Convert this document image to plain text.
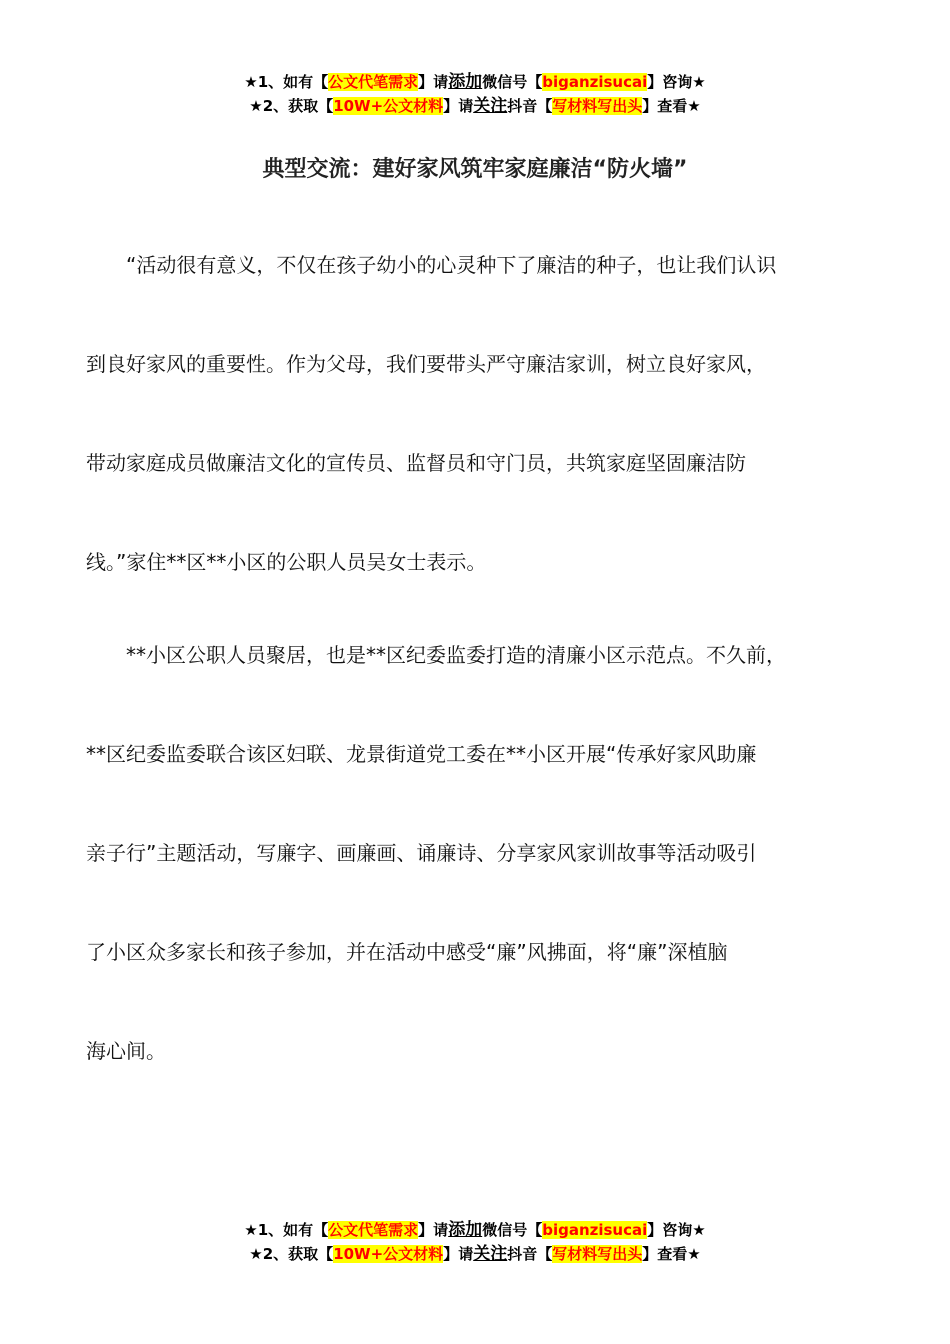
★1、如有【公文代笔需求】请添加微信号【biganzisucai】咨询★
★2、获取【10W+公文材料】请关注抖音【写材料写出头】查看★
典型交流：建好家风筑牢家庭廉洁“防火墙”
　　“活动很有意义，不仅在孩子幼小的心灵种下了廉洁的种子，也让我们认识
到良好家风的重要性。作为父母，我们要带头严守廉洁家训，树立良好家风，
带动家庭成员做廉洁文化的宣传员、监督员和守门员，共筑家庭坚固廉洁防
线。”家住**区**小区的公职人员吴女士表示。
　　**小区公职人员聚居，也是**区纪委监委打造的清廉小区示范点。不久前，
**区纪委监委联合该区妇联、龙景街道党工委在**小区开展“传承好家风助廉
亲子行”主题活动，写廉字、画廉画、诵廉诗、分享家风家训故事等活动吸引
了小区众多家长和孩子参加，并在活动中感受“廉”风拂面，将“廉”深植脑
海心间。
★1、如有【公文代笔需求】请添加微信号【biganzisucai】咨询★
★2、获取【10W+公文材料】请关注抖音【写材料写出头】查看★
